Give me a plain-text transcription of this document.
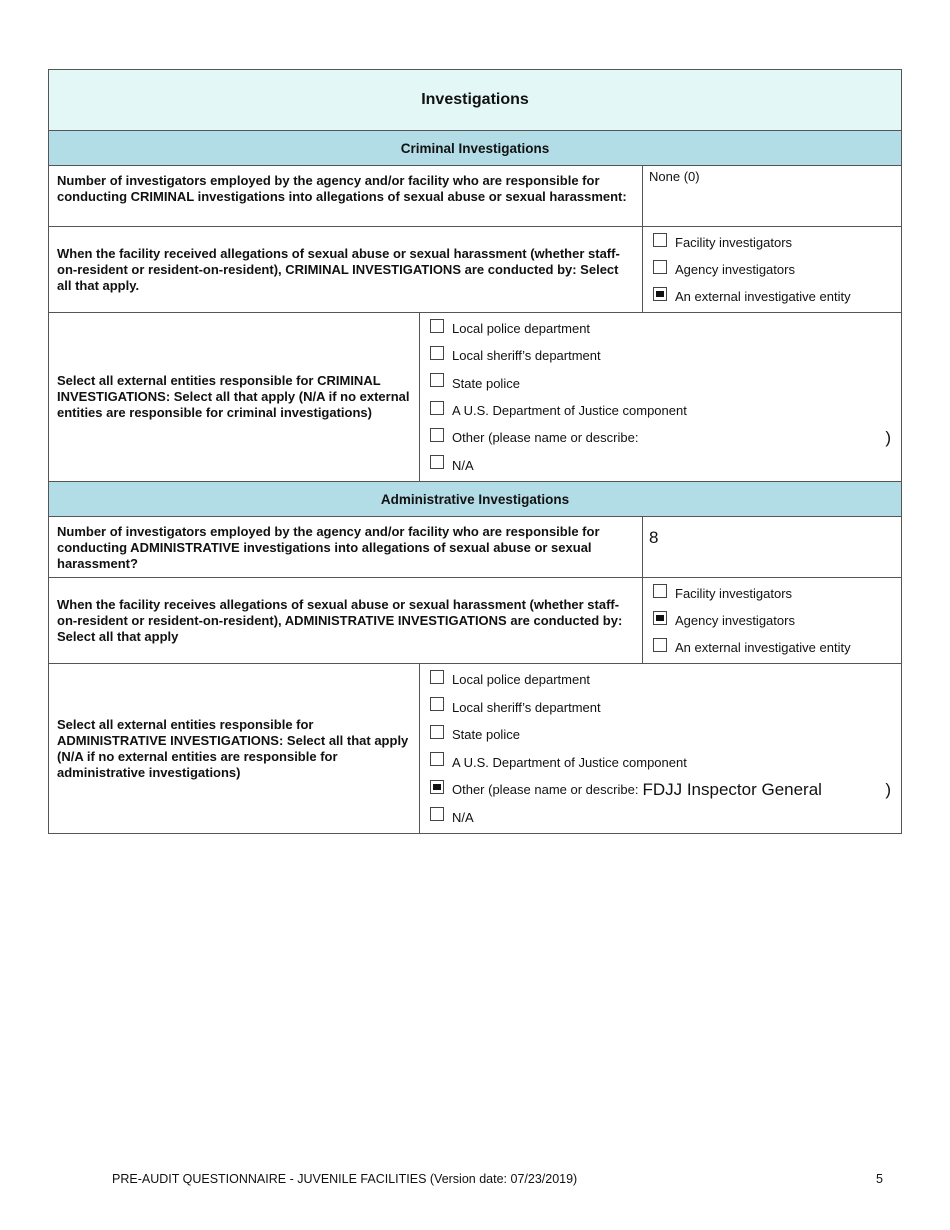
Investigations
Criminal Investigations
Number of investigators employed by the agency and/or facility who are responsible for conducting CRIMINAL investigations into allegations of sexual abuse or sexual harassment:
None (0)
When the facility received allegations of sexual abuse or sexual harassment (whether staff-on-resident or resident-on-resident), CRIMINAL INVESTIGATIONS are conducted by: Select all that apply.
Facility investigators
Agency investigators
An external investigative entity
Select all external entities responsible for CRIMINAL INVESTIGATIONS: Select all that apply (N/A if no external entities are responsible for criminal investigations)
Local police department
Local sheriff’s department
State police
A U.S. Department of Justice component
Other (please name or describe:	)
N/A
Administrative Investigations
Number of investigators employed by the agency and/or facility who are responsible for conducting ADMINISTRATIVE investigations into allegations of sexual abuse or sexual harassment?
8
When the facility receives allegations of sexual abuse or sexual harassment (whether staff-on-resident or resident-on-resident), ADMINISTRATIVE INVESTIGATIONS are conducted by: Select all that apply
Facility investigators
Agency investigators
An external investigative entity
Select all external entities responsible for ADMINISTRATIVE INVESTIGATIONS: Select all that apply (N/A if no external entities are responsible for administrative investigations)
Local police department
Local sheriff’s department
State police
A U.S. Department of Justice component
Other (please name or describe: FDJJ Inspector General	)
N/A
PRE-AUDIT QUESTIONNAIRE - JUVENILE FACILITIES (Version date: 07/23/2019)	5
